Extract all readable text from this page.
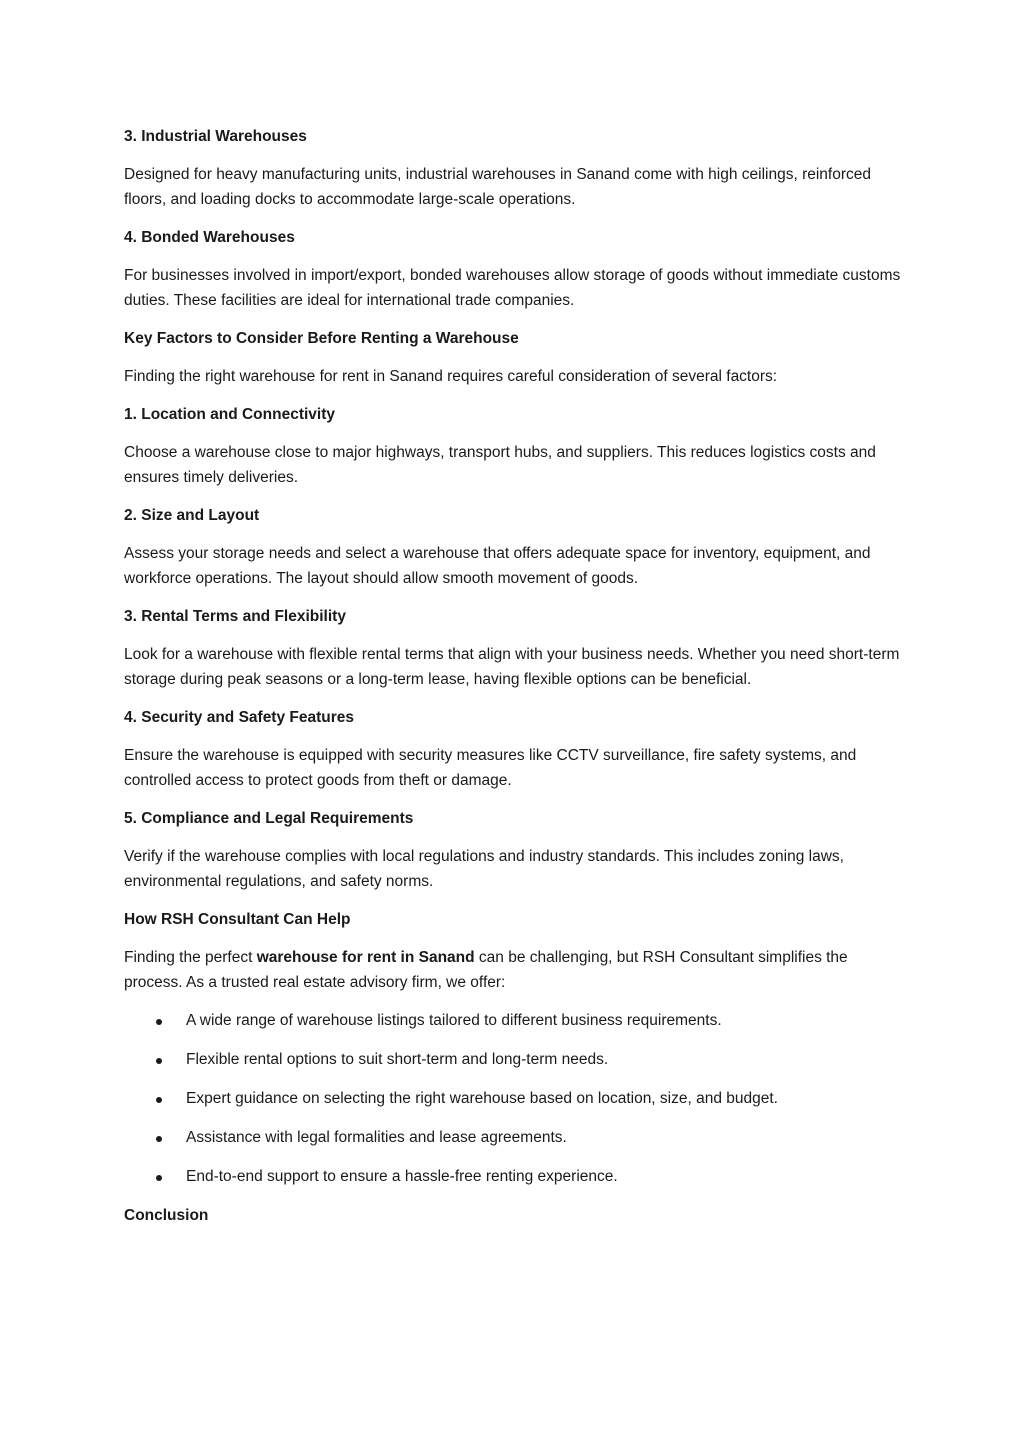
3. Industrial Warehouses
Designed for heavy manufacturing units, industrial warehouses in Sanand come with high ceilings, reinforced floors, and loading docks to accommodate large-scale operations.
4. Bonded Warehouses
For businesses involved in import/export, bonded warehouses allow storage of goods without immediate customs duties. These facilities are ideal for international trade companies.
Key Factors to Consider Before Renting a Warehouse
Finding the right warehouse for rent in Sanand requires careful consideration of several factors:
1. Location and Connectivity
Choose a warehouse close to major highways, transport hubs, and suppliers. This reduces logistics costs and ensures timely deliveries.
2. Size and Layout
Assess your storage needs and select a warehouse that offers adequate space for inventory, equipment, and workforce operations. The layout should allow smooth movement of goods.
3. Rental Terms and Flexibility
Look for a warehouse with flexible rental terms that align with your business needs. Whether you need short-term storage during peak seasons or a long-term lease, having flexible options can be beneficial.
4. Security and Safety Features
Ensure the warehouse is equipped with security measures like CCTV surveillance, fire safety systems, and controlled access to protect goods from theft or damage.
5. Compliance and Legal Requirements
Verify if the warehouse complies with local regulations and industry standards. This includes zoning laws, environmental regulations, and safety norms.
How RSH Consultant Can Help
Finding the perfect warehouse for rent in Sanand can be challenging, but RSH Consultant simplifies the process. As a trusted real estate advisory firm, we offer:
A wide range of warehouse listings tailored to different business requirements.
Flexible rental options to suit short-term and long-term needs.
Expert guidance on selecting the right warehouse based on location, size, and budget.
Assistance with legal formalities and lease agreements.
End-to-end support to ensure a hassle-free renting experience.
Conclusion
